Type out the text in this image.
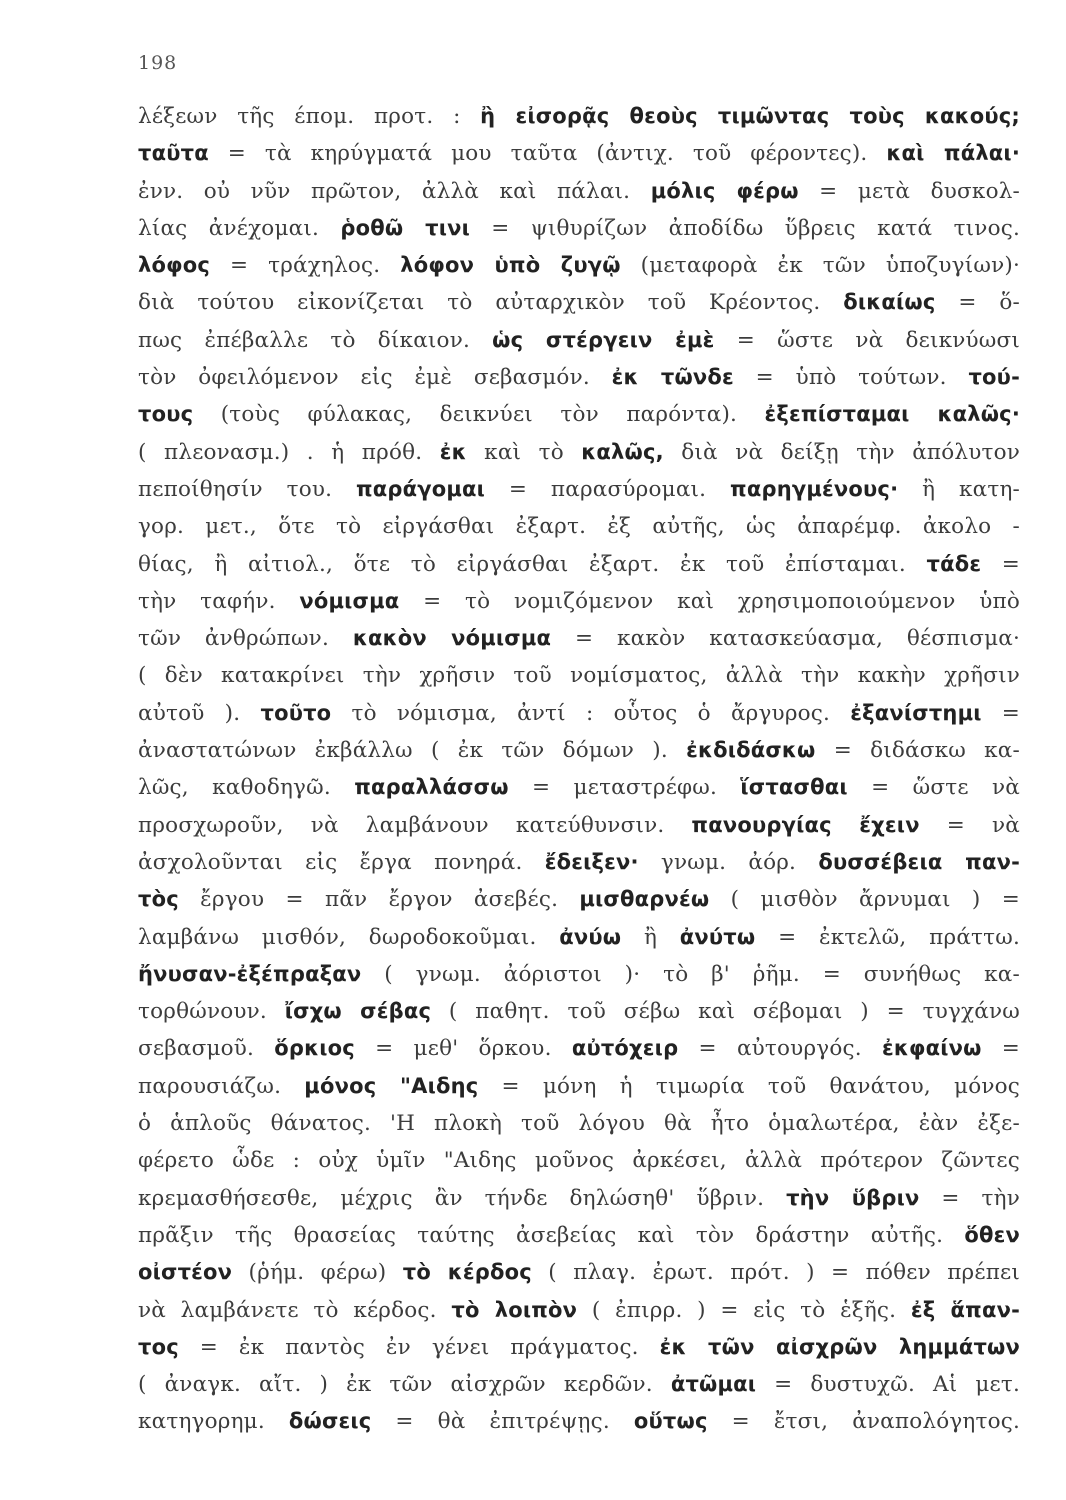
198
λέξεων τῆς έπομ. προτ. : ἢ εἰσορᾷς θεοὺς τιμῶντας τοὺς κακούς;
ταῦτα = τὰ κηρύγματά μου ταῦτα (ἀντιχ. τοῦ φέροντες). καὶ πάλαι·
ἐνν. οὐ νῦν πρῶτον, ἀλλὰ καὶ πάλαι. μόλις φέρω = μετὰ δυσκολ-
λίας ἀνέχομαι. ῥοθῶ τινι = ψιθυρίζων ἀποδίδω ὕβρεις κατά τινος.
λόφος = τράχηλος. λόφον ὑπὸ ζυγῷ (μεταφορὰ ἐκ τῶν ὑποζυγίων)·
διὰ τούτου εἰκονίζεται τὸ αὐταρχικὸν τοῦ Κρέοντος. δικαίως = ὅ-
πως ἐπέβαλλε τὸ δίκαιον. ὡς στέργειν ἐμὲ = ὥστε νὰ δεικνύωσι
τὸν ὀφειλόμενον εἰς ἐμὲ σεβασμόν. ἐκ τῶνδε = ὑπὸ τούτων. τού-
τους (τοὺς φύλακας, δεικνύει τὸν παρόντα). ἐξεπίσταμαι καλῶς·
( πλεονασμ.) . ἡ πρόθ. ἐκ καὶ τὸ καλῶς, διὰ νὰ δείξῃ τὴν ἀπόλυτον
πεποίθησίν του. παράγομαι = παρασύρομαι. παρηγμένους· ἢ κατη-
γορ. μετ., ὅτε τὸ εἰργάσθαι ἐξαρτ. ἐξ αὐτῆς, ὡς ἀπαρέμφ. ἀκολο -
θίας, ἢ αἰτιολ., ὅτε τὸ εἰργάσθαι ἐξαρτ. ἐκ τοῦ ἐπίσταμαι. τάδε =
τὴν ταφήν. νόμισμα = τὸ νομιζόμενον καὶ χρησιμοποιούμενον ὑπὸ
τῶν ἀνθρώπων. κακὸν νόμισμα = κακὸν κατασκεύασμα, θέσπισμα·
( δὲν κατακρίνει τὴν χρῆσιν τοῦ νομίσματος, ἀλλὰ τὴν κακὴν χρῆσιν
αὐτοῦ ). τοῦτο τὸ νόμισμα, ἀντί : οὗτος ὁ ἄργυρος. ἐξανίστημι =
ἀναστατώνων ἐκβάλλω ( ἐκ τῶν δόμων ). ἐκδιδάσκω = διδάσκω κα-
λῶς, καθοδηγῶ. παραλλάσσω = μεταστρέφω. ἵστασθαι = ὥστε νὰ
προσχωροῦν, νὰ λαμβάνουν κατεύθυνσιν. πανουργίας ἔχειν = νὰ
ἀσχολοῦνται εἰς ἔργα πονηρά. ἔδειξεν· γνωμ. ἀόρ. δυσσέβεια παν-
τὸς ἔργου = πᾶν ἔργον ἀσεβές. μισθαρνέω ( μισθὸν ἄρνυμαι ) =
λαμβάνω μισθόν, δωροδοκοῦμαι. ἀνύω ἢ ἀνύτω = ἐκτελῶ, πράττω.
ἤνυσαν-ἐξέπραξαν ( γνωμ. ἀόριστοι )· τὸ β' ῥῆμ. = συνήθως κα-
τορθώνουν. ἴσχω σέβας ( παθητ. τοῦ σέβω καὶ σέβομαι ) = τυγχάνω
σεβασμοῦ. ὅρκιος = μεθ' ὅρκου. αὐτόχειρ = αὐτουργός. ἐκφαίνω =
παρουσιάζω. μόνος "Αιδης = μόνη ἡ τιμωρία τοῦ θανάτου, μόνος
ὁ ἁπλοῦς θάνατος. 'Η πλοκὴ τοῦ λόγου θὰ ἦτο ὁμαλωτέρα, ἐὰν ἐξε-
φέρετο ὧδε : οὐχ ὑμῖν "Αιδης μοῦνος ἀρκέσει, ἀλλὰ πρότερον ζῶντες
κρεμασθήσεσθε, μέχρις ἂν τήνδε δηλώσηθ' ὕβριν. τὴν ὕβριν = τὴν
πρᾶξιν τῆς θρασείας ταύτης ἀσεβείας καὶ τὸν δράστην αὐτῆς. ὅθεν
οἰστέον (ῥήμ. φέρω) τὸ κέρδος ( πλαγ. ἐρωτ. πρότ. ) = πόθεν πρέπει
νὰ λαμβάνετε τὸ κέρδος. τὸ λοιπὸν ( ἐπιρρ. ) = εἰς τὸ ἑξῆς. ἐξ ἅπαν-
τος = ἐκ παντὸς ἐν γένει πράγματος. ἐκ τῶν αἰσχρῶν λημμάτων
( ἀναγκ. αἴτ. ) ἐκ τῶν αἰσχρῶν κερδῶν. ἀτῶμαι = δυστυχῶ. Αἱ μετ.
κατηγορημ. δώσεις = θὰ ἐπιτρέψῃς. οὕτως = ἔτσι, ἀναπολόγητος.
